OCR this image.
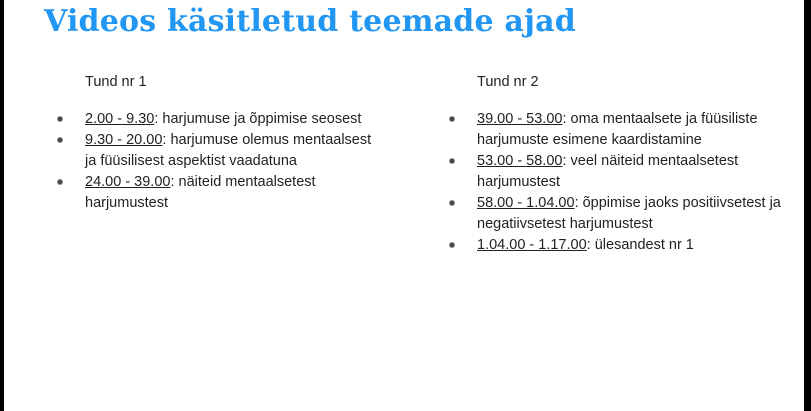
Videos käsitletud teemade ajad
Tund nr 1
2.00 - 9.30: harjumuse ja õppimise seosest
9.30 - 20.00: harjumuse olemus mentaalsest ja füüsilisest aspektist vaadatuna
24.00 - 39.00: näiteid mentaalsetest harjumustest
Tund nr 2
39.00 - 53.00: oma mentaalsete ja füüsiliste harjumuste esimene kaardistamine
53.00 - 58.00: veel näiteid mentaalsetest harjumustest
58.00 - 1.04.00: õppimise jaoks positiivsetest ja negatiivsetest harjumustest
1.04.00 - 1.17.00: ülesandest nr 1
